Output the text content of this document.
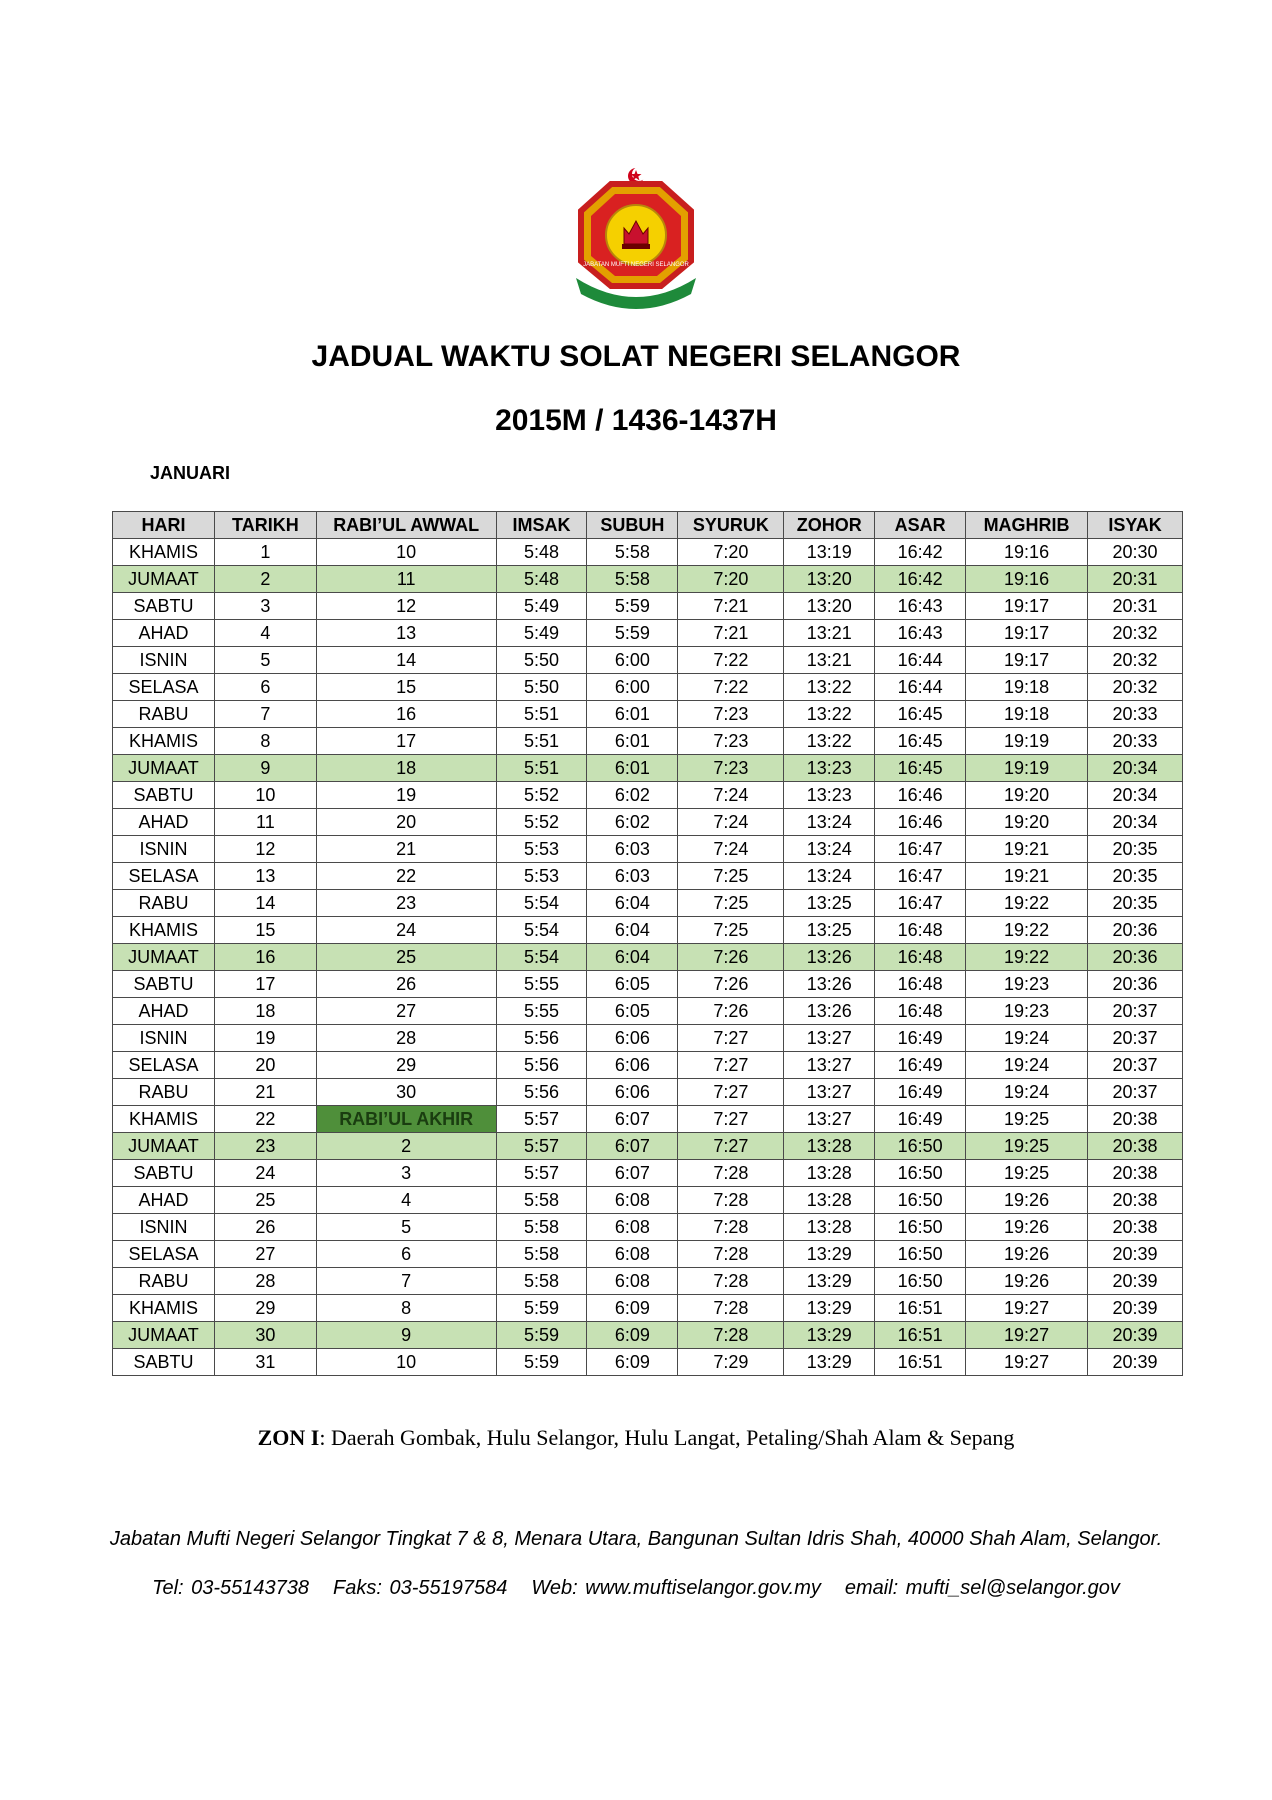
JABATAN MUFTI NEGERI SELANGOR
JADUAL WAKTU SOLAT NEGERI SELANGOR
2015M / 1436-1437H
JANUARI
HARI	TARIKH	RABI’UL AWWAL	IMSAK	SUBUH	SYURUK	ZOHOR	ASAR	MAGHRIB	ISYAK
KHAMIS	1	10	5:48	5:58	7:20	13:19	16:42	19:16	20:30
JUMAAT	2	11	5:48	5:58	7:20	13:20	16:42	19:16	20:31
SABTU	3	12	5:49	5:59	7:21	13:20	16:43	19:17	20:31
AHAD	4	13	5:49	5:59	7:21	13:21	16:43	19:17	20:32
ISNIN	5	14	5:50	6:00	7:22	13:21	16:44	19:17	20:32
SELASA	6	15	5:50	6:00	7:22	13:22	16:44	19:18	20:32
RABU	7	16	5:51	6:01	7:23	13:22	16:45	19:18	20:33
KHAMIS	8	17	5:51	6:01	7:23	13:22	16:45	19:19	20:33
JUMAAT	9	18	5:51	6:01	7:23	13:23	16:45	19:19	20:34
SABTU	10	19	5:52	6:02	7:24	13:23	16:46	19:20	20:34
AHAD	11	20	5:52	6:02	7:24	13:24	16:46	19:20	20:34
ISNIN	12	21	5:53	6:03	7:24	13:24	16:47	19:21	20:35
SELASA	13	22	5:53	6:03	7:25	13:24	16:47	19:21	20:35
RABU	14	23	5:54	6:04	7:25	13:25	16:47	19:22	20:35
KHAMIS	15	24	5:54	6:04	7:25	13:25	16:48	19:22	20:36
JUMAAT	16	25	5:54	6:04	7:26	13:26	16:48	19:22	20:36
SABTU	17	26	5:55	6:05	7:26	13:26	16:48	19:23	20:36
AHAD	18	27	5:55	6:05	7:26	13:26	16:48	19:23	20:37
ISNIN	19	28	5:56	6:06	7:27	13:27	16:49	19:24	20:37
SELASA	20	29	5:56	6:06	7:27	13:27	16:49	19:24	20:37
RABU	21	30	5:56	6:06	7:27	13:27	16:49	19:24	20:37
KHAMIS	22	RABI’UL AKHIR	5:57	6:07	7:27	13:27	16:49	19:25	20:38
JUMAAT	23	2	5:57	6:07	7:27	13:28	16:50	19:25	20:38
SABTU	24	3	5:57	6:07	7:28	13:28	16:50	19:25	20:38
AHAD	25	4	5:58	6:08	7:28	13:28	16:50	19:26	20:38
ISNIN	26	5	5:58	6:08	7:28	13:28	16:50	19:26	20:38
SELASA	27	6	5:58	6:08	7:28	13:29	16:50	19:26	20:39
RABU	28	7	5:58	6:08	7:28	13:29	16:50	19:26	20:39
KHAMIS	29	8	5:59	6:09	7:28	13:29	16:51	19:27	20:39
JUMAAT	30	9	5:59	6:09	7:28	13:29	16:51	19:27	20:39
SABTU	31	10	5:59	6:09	7:29	13:29	16:51	19:27	20:39
ZON I: Daerah Gombak, Hulu Selangor, Hulu Langat, Petaling/Shah Alam & Sepang
Jabatan Mufti Negeri Selangor Tingkat 7 & 8, Menara Utara, Bangunan Sultan Idris Shah, 40000 Shah Alam, Selangor.
Tel: 03-55143738 Faks: 03-55197584 Web: www.muftiselangor.gov.my email: mufti_sel@selangor.gov
